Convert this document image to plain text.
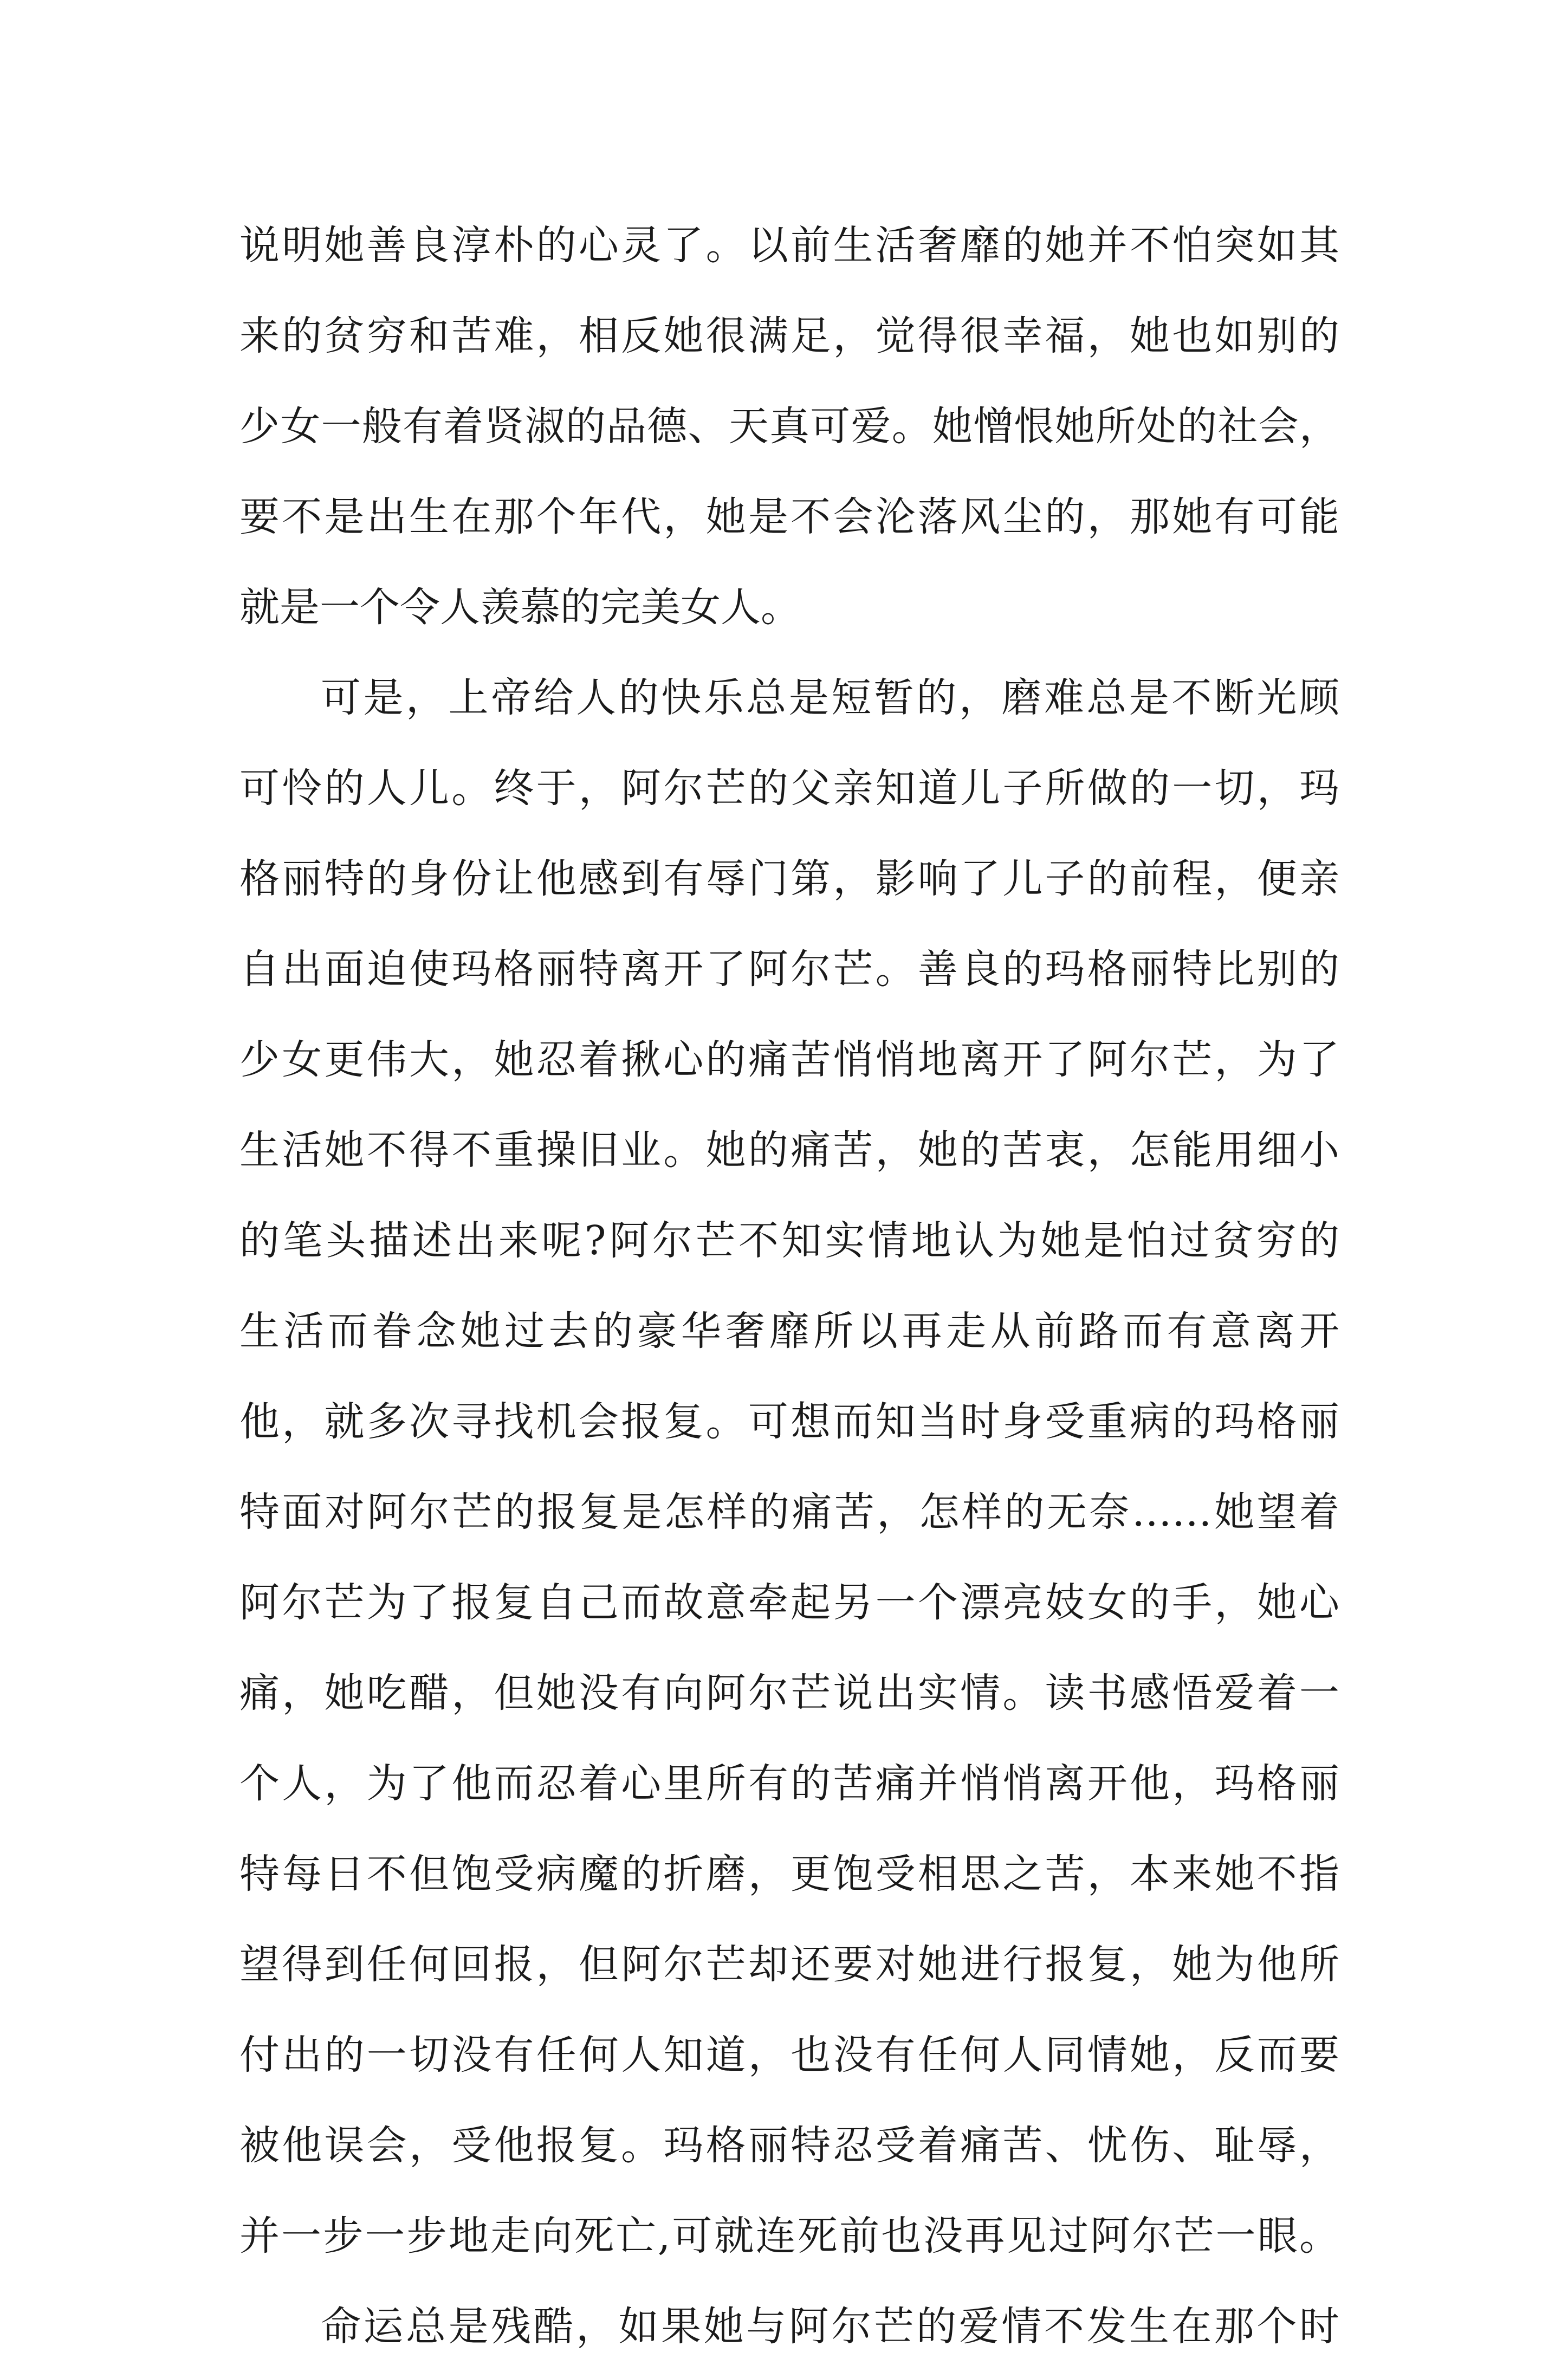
说明她善良淳朴的心灵了。以前生活奢靡的她并不怕突如其
来的贫穷和苦难，相反她很满足，觉得很幸福，她也如别的
少女一般有着贤淑的品德、天真可爱。她憎恨她所处的社会，
要不是出生在那个年代，她是不会沦落风尘的，那她有可能
就是一个令人羡慕的完美女人。
可是，上帝给人的快乐总是短暂的，磨难总是不断光顾
可怜的人儿。终于，阿尔芒的父亲知道儿子所做的一切，玛
格丽特的身份让他感到有辱门第，影响了儿子的前程，便亲
自出面迫使玛格丽特离开了阿尔芒。善良的玛格丽特比别的
少女更伟大，她忍着揪心的痛苦悄悄地离开了阿尔芒，为了
生活她不得不重操旧业。她的痛苦，她的苦衷，怎能用细小
的笔头描述出来呢?阿尔芒不知实情地认为她是怕过贫穷的
生活而眷念她过去的豪华奢靡所以再走从前路而有意离开
他，就多次寻找机会报复。可想而知当时身受重病的玛格丽
特面对阿尔芒的报复是怎样的痛苦，怎样的无奈……她望着
阿尔芒为了报复自己而故意牵起另一个漂亮妓女的手，她心
痛，她吃醋，但她没有向阿尔芒说出实情。读书感悟爱着一
个人，为了他而忍着心里所有的苦痛并悄悄离开他，玛格丽
特每日不但饱受病魔的折磨，更饱受相思之苦，本来她不指
望得到任何回报，但阿尔芒却还要对她进行报复，她为他所
付出的一切没有任何人知道，也没有任何人同情她，反而要
被他误会，受他报复。玛格丽特忍受着痛苦、忧伤、耻辱，
并一步一步地走向死亡,可就连死前也没再见过阿尔芒一眼。
命运总是残酷，如果她与阿尔芒的爱情不发生在那个时
